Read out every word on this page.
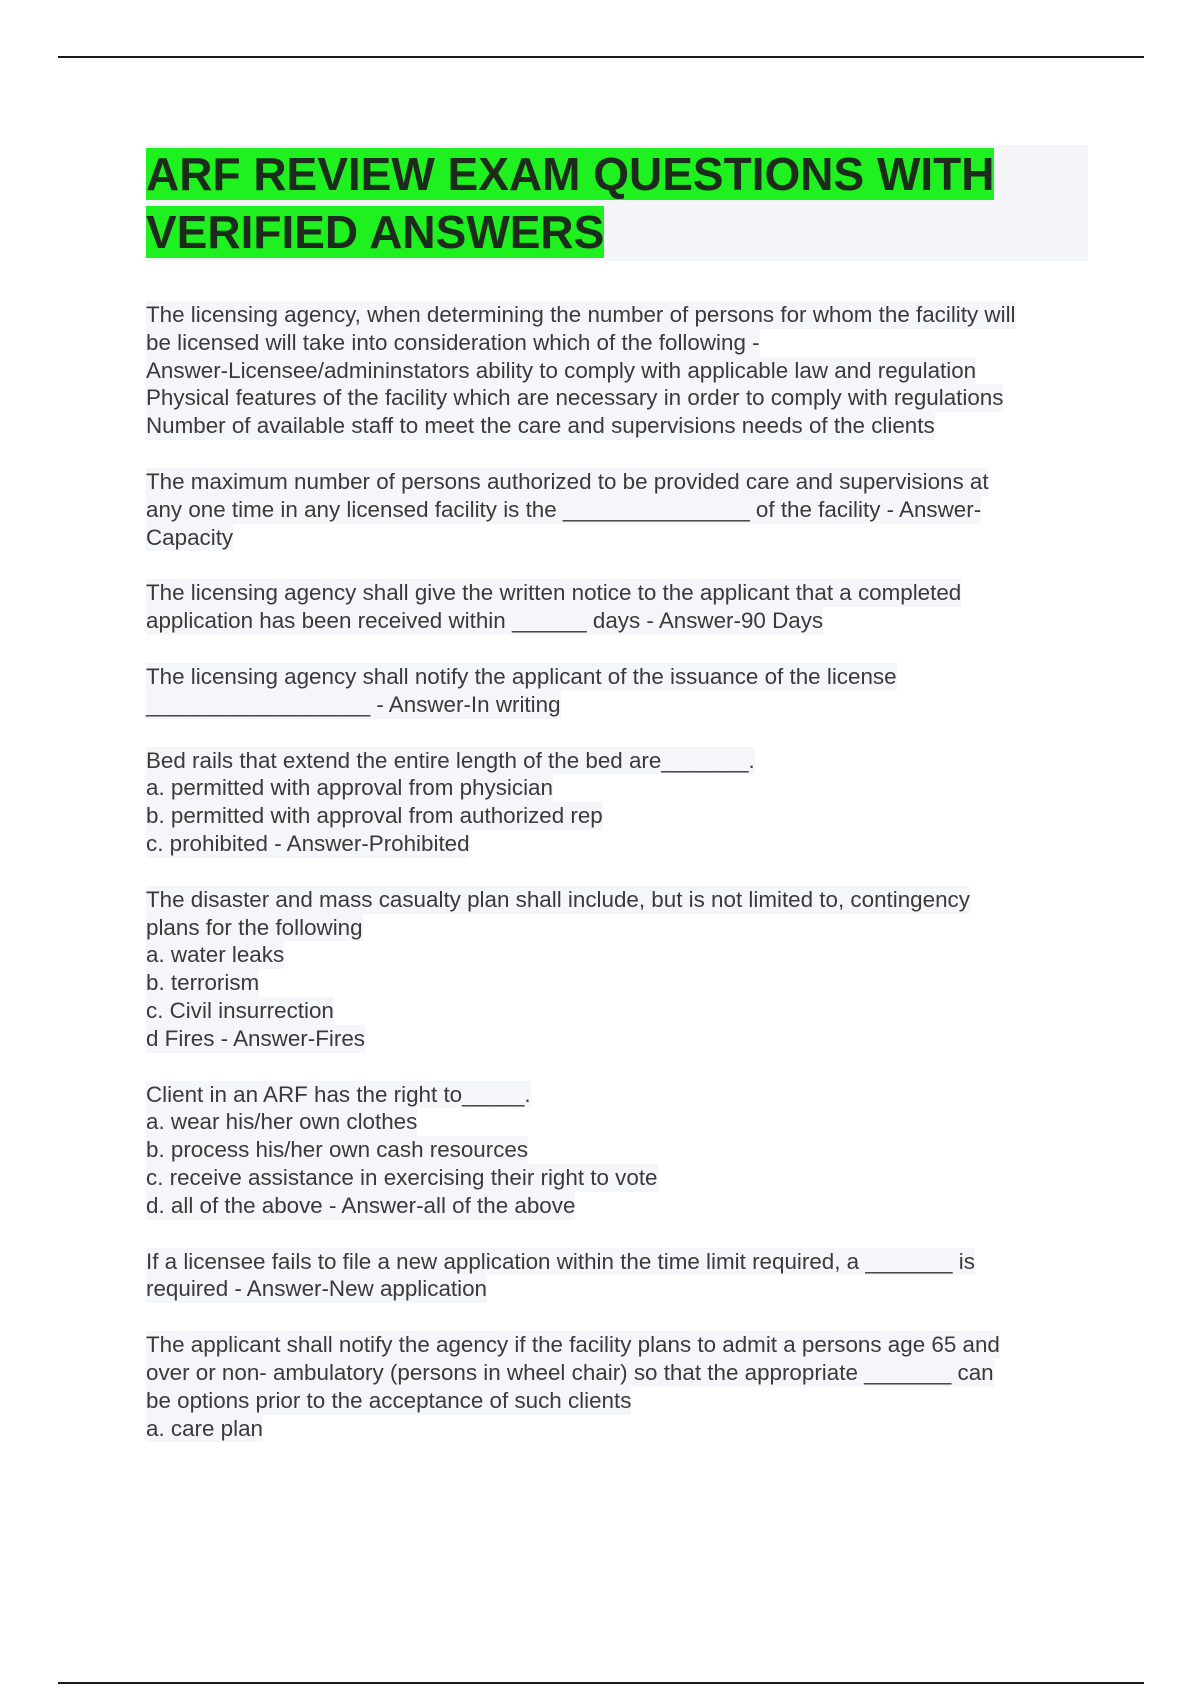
ARF REVIEW EXAM QUESTIONS WITH VERIFIED ANSWERS
The licensing agency, when determining the number of persons for whom the facility will
be licensed will take into consideration which of the following -
Answer-Licensee/admininstators ability to comply with applicable law and regulation
Physical features of the facility which are necessary in order to comply with regulations
Number of available staff to meet the care and supervisions needs of the clients
The maximum number of persons authorized to be provided care and supervisions at
any one time in any licensed facility is the _______________ of the facility - Answer-
Capacity
The licensing agency shall give the written notice to the applicant that a completed
application has been received within ______ days - Answer-90 Days
The licensing agency shall notify the applicant of the issuance of the license
__________________ - Answer-In writing
Bed rails that extend the entire length of the bed are_______.
a. permitted with approval from physician
b. permitted with approval from authorized rep
c. prohibited - Answer-Prohibited
The disaster and mass casualty plan shall include, but is not limited to, contingency
plans for the following
a. water leaks
b. terrorism
c. Civil insurrection
d Fires - Answer-Fires
Client in an ARF has the right to_____.
a. wear his/her own clothes
b. process his/her own cash resources
c. receive assistance in exercising their right to vote
d. all of the above - Answer-all of the above
If a licensee fails to file a new application within the time limit required, a _______ is
required - Answer-New application
The applicant shall notify the agency if the facility plans to admit a persons age 65 and
over or non- ambulatory (persons in wheel chair) so that the appropriate _______ can
be options prior to the acceptance of such clients
a. care plan
